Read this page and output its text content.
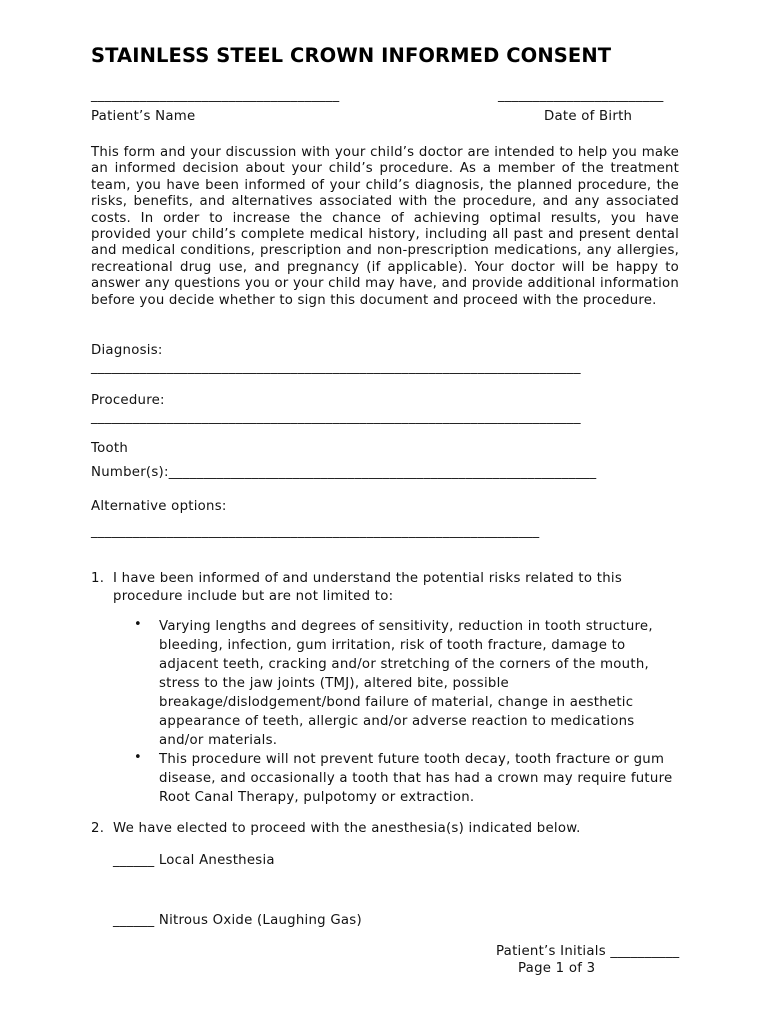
STAINLESS STEEL CROWN INFORMED CONSENT
____________________________________	________________________
Patient’s Name	Date of Birth

This form and your discussion with your child’s doctor are intended to help you make an informed decision about your child’s procedure. As a member of the treatment team, you have been informed of your child’s diagnosis, the planned procedure, the risks, benefits, and alternatives associated with the procedure, and any associated costs. In order to increase the chance of achieving optimal results, you have provided your child’s complete medical history, including all past and present dental and medical conditions, prescription and non-prescription medications, any allergies, recreational drug use, and pregnancy (if applicable). Your doctor will be happy to answer any questions you or your child may have, and provide additional information before you decide whether to sign this document and proceed with the procedure.

Diagnosis:
_______________________________________________________________________
Procedure:
_______________________________________________________________________
Tooth
Number(s):______________________________________________________________
Alternative options:
_________________________________________________________________
1. I have been informed of and understand the potential risks related to this procedure include but are not limited to:
• Varying lengths and degrees of sensitivity, reduction in tooth structure, bleeding, infection, gum irritation, risk of tooth fracture, damage to adjacent teeth, cracking and/or stretching of the corners of the mouth, stress to the jaw joints (TMJ), altered bite, possible breakage/dislodgement/bond failure of material, change in aesthetic appearance of teeth, allergic and/or adverse reaction to medications and/or materials.
• This procedure will not prevent future tooth decay, tooth fracture or gum disease, and occasionally a tooth that has had a crown may require future Root Canal Therapy, pulpotomy or extraction.
2. We have elected to proceed with the anesthesia(s) indicated below.
______ Local Anesthesia
______ Nitrous Oxide (Laughing Gas)
Patient’s Initials __________
Page 1 of 3
